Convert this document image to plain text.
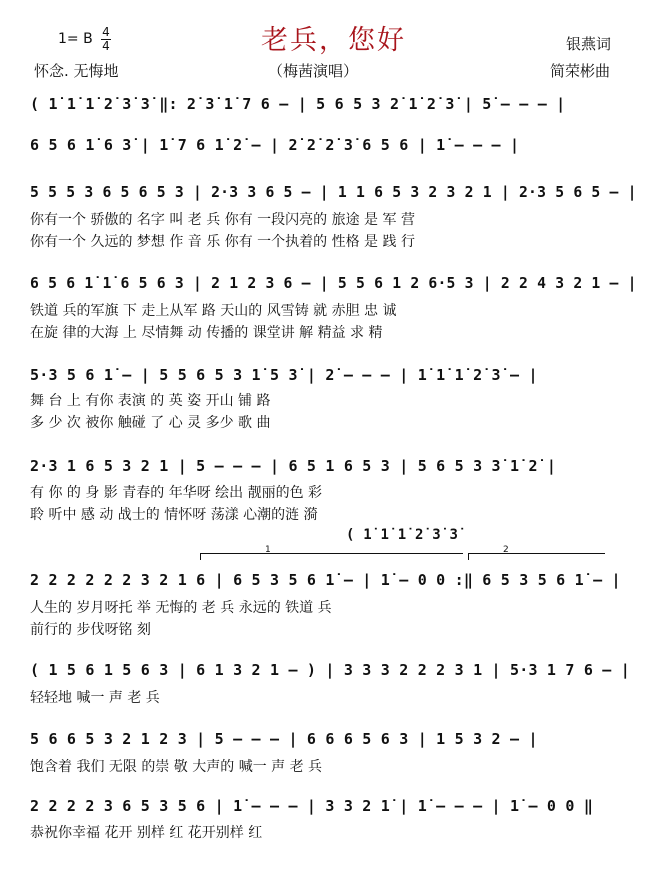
老兵，您好
1= B 4
4
怀念. 无悔地	（梅茜演唱）
银燕词
简荣彬曲
( 1̇ 1̇ 1̇ 2̇ 3̇ 3̇ ‖: 2̇ 3̇ 1̇ 7 6 – | 5 6 5 3 2̇ 1̇ 2̇ 3̇ | 5̇ – – – |
6 5 6 1̇ 6 3̇ | 1̇ 7 6 1̇ 2̇ – | 2̇ 2̇ 2̇ 3̇ 6 5 6 | 1̇ – – – |
5 5 5 3 6 5 6 5 3 | 2·3 3 6 5 – | 1 1 6 5 3 2 3 2 1 | 2·3 5 6 5 – |
你有一个 骄傲的 名字 叫 老 兵 你有 一段闪亮的 旅途 是 军 营
你有一个 久远的 梦想 作 音 乐 你有 一个执着的 性格 是 践 行
6 5 6 1̇ 1̇ 6 5 6 3 | 2 1 2 3 6 – | 5 5 6 1 2 6·5 3 | 2 2 4 3 2 1 – |
铁道 兵的军旗 下 走上从军 路 天山的 风雪铸 就 赤胆 忠 诚
在旋 律的大海 上 尽情舞 动 传播的 课堂讲 解 精益 求 精
5·3 5 6 1̇ – | 5 5 6 5 3 1̇ 5 3̇ | 2̇ – – – | 1̇ 1̇ 1̇ 2̇ 3̇ – |
舞 台 上 有你 表演 的 英 姿 开山 铺 路
多 少 次 被你 触碰 了 心 灵 多少 歌 曲
2·3 1 6 5 3 2 1 | 5 – – – | 6 5 1 6 5 3 | 5 6 5 3 3̇ 1̇ 2̇ |
有 你 的 身 影 青春的 年华呀 绘出 靓丽的色 彩
聆 听中 感 动 战士的 情怀呀 荡漾 心潮的涟 漪
( 1̇ 1̇ 1̇ 2̇ 3̇ 3̇
1	2
2 2 2 2 2 2 3 2 1 6 | 6 5 3 5 6 1̇ – | 1̇ – 0 0 :‖ 6 5 3 5 6 1̇ – |
人生的 岁月呀托 举 无悔的 老 兵 永远的 铁道 兵
前行的 步伐呀铭 刻
( 1 5 6 1 5 6 3 | 6 1 3 2 1 – ) | 3 3 3 2 2 2 3 1 | 5·3 1 7 6 – |
轻轻地 喊一 声 老 兵
5 6 6 5 3 2 1 2 3 | 5 – – – | 6 6 6 5 6 3 | 1 5 3 2 – |
饱含着 我们 无限 的崇 敬 大声的 喊一 声 老 兵
2 2 2 2 3 6 5 3 5 6 | 1̇ – – – | 3 3 2 1̇ | 1̇ – – – | 1̇ – 0 0 ‖
恭祝你幸福 花开 别样 红 花开别样 红
